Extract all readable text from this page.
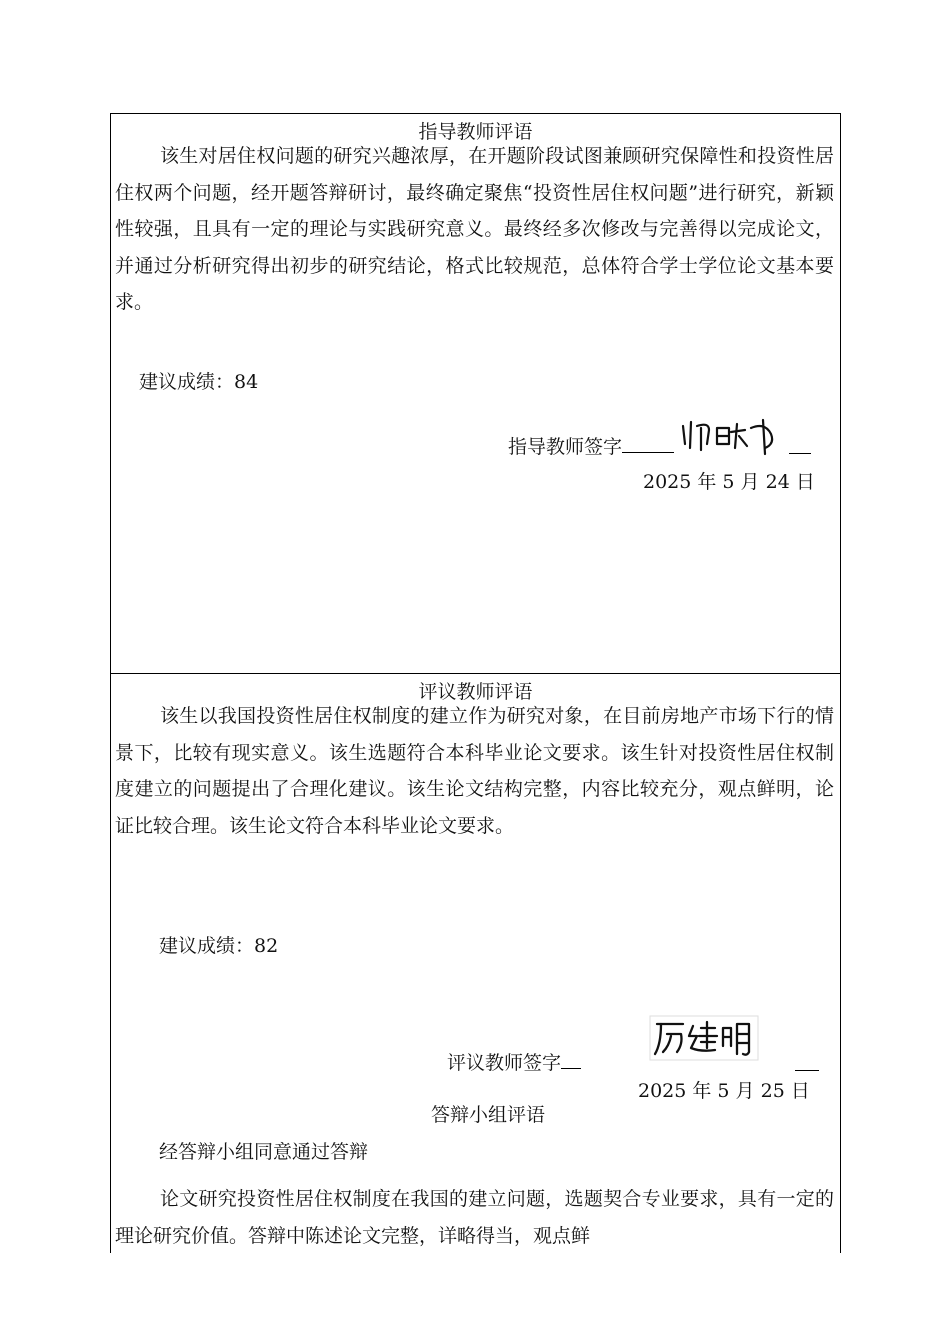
指导教师评语
该生对居住权问题的研究兴趣浓厚，在开题阶段试图兼顾研究保障性和投资性居住权两个问题，经开题答辩研讨，最终确定聚焦“投资性居住权问题”进行研究，新颖性较强，且具有一定的理论与实践研究意义。最终经多次修改与完善得以完成论文，并通过分析研究得出初步的研究结论，格式比较规范，总体符合学士学位论文基本要求。
建议成绩：84
指导教师签字
2025 年 5 月 24 日
评议教师评语
该生以我国投资性居住权制度的建立作为研究对象，在目前房地产市场下行的情景下，比较有现实意义。该生选题符合本科毕业论文要求。该生针对投资性居住权制度建立的问题提出了合理化建议。该生论文结构完整，内容比较充分，观点鲜明，论证比较合理。该生论文符合本科毕业论文要求。
建议成绩：82
评议教师签字
2025 年 5 月 25 日
答辩小组评语
经答辩小组同意通过答辩
论文研究投资性居住权制度在我国的建立问题，选题契合专业要求，具有一定的理论研究价值。答辩中陈述论文完整，详略得当，观点鲜
